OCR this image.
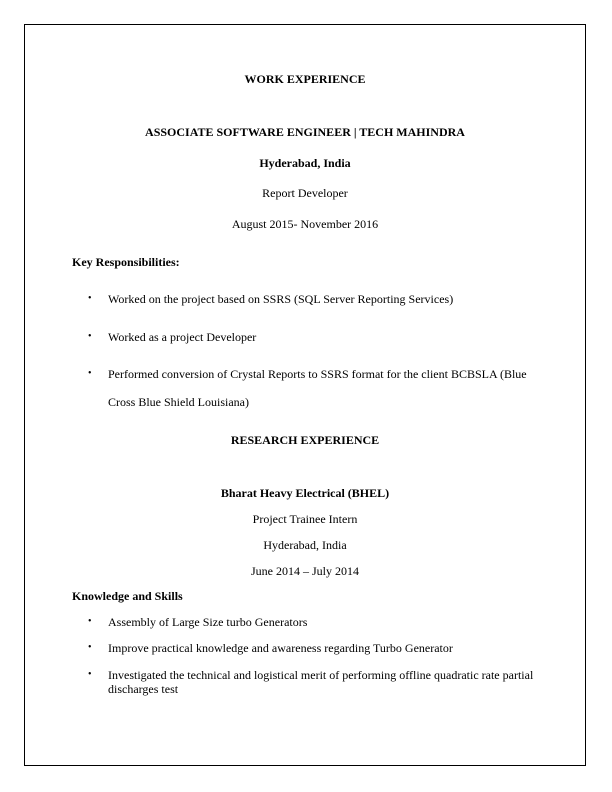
WORK EXPERIENCE
ASSOCIATE SOFTWARE ENGINEER | TECH MAHINDRA
Hyderabad, India
Report Developer
August 2015- November 2016
Key Responsibilities:
• Worked on the project based on SSRS (SQL Server Reporting Services)
• Worked as a project Developer
• Performed conversion of Crystal Reports to SSRS format for the client BCBSLA (Blue
Cross Blue Shield Louisiana)
RESEARCH EXPERIENCE
Bharat Heavy Electrical (BHEL)
Project Trainee Intern
Hyderabad, India
June 2014 – July 2014
Knowledge and Skills
• Assembly of Large Size turbo Generators
• Improve practical knowledge and awareness regarding Turbo Generator
• Investigated the technical and logistical merit of performing offline quadratic rate partial discharges test
